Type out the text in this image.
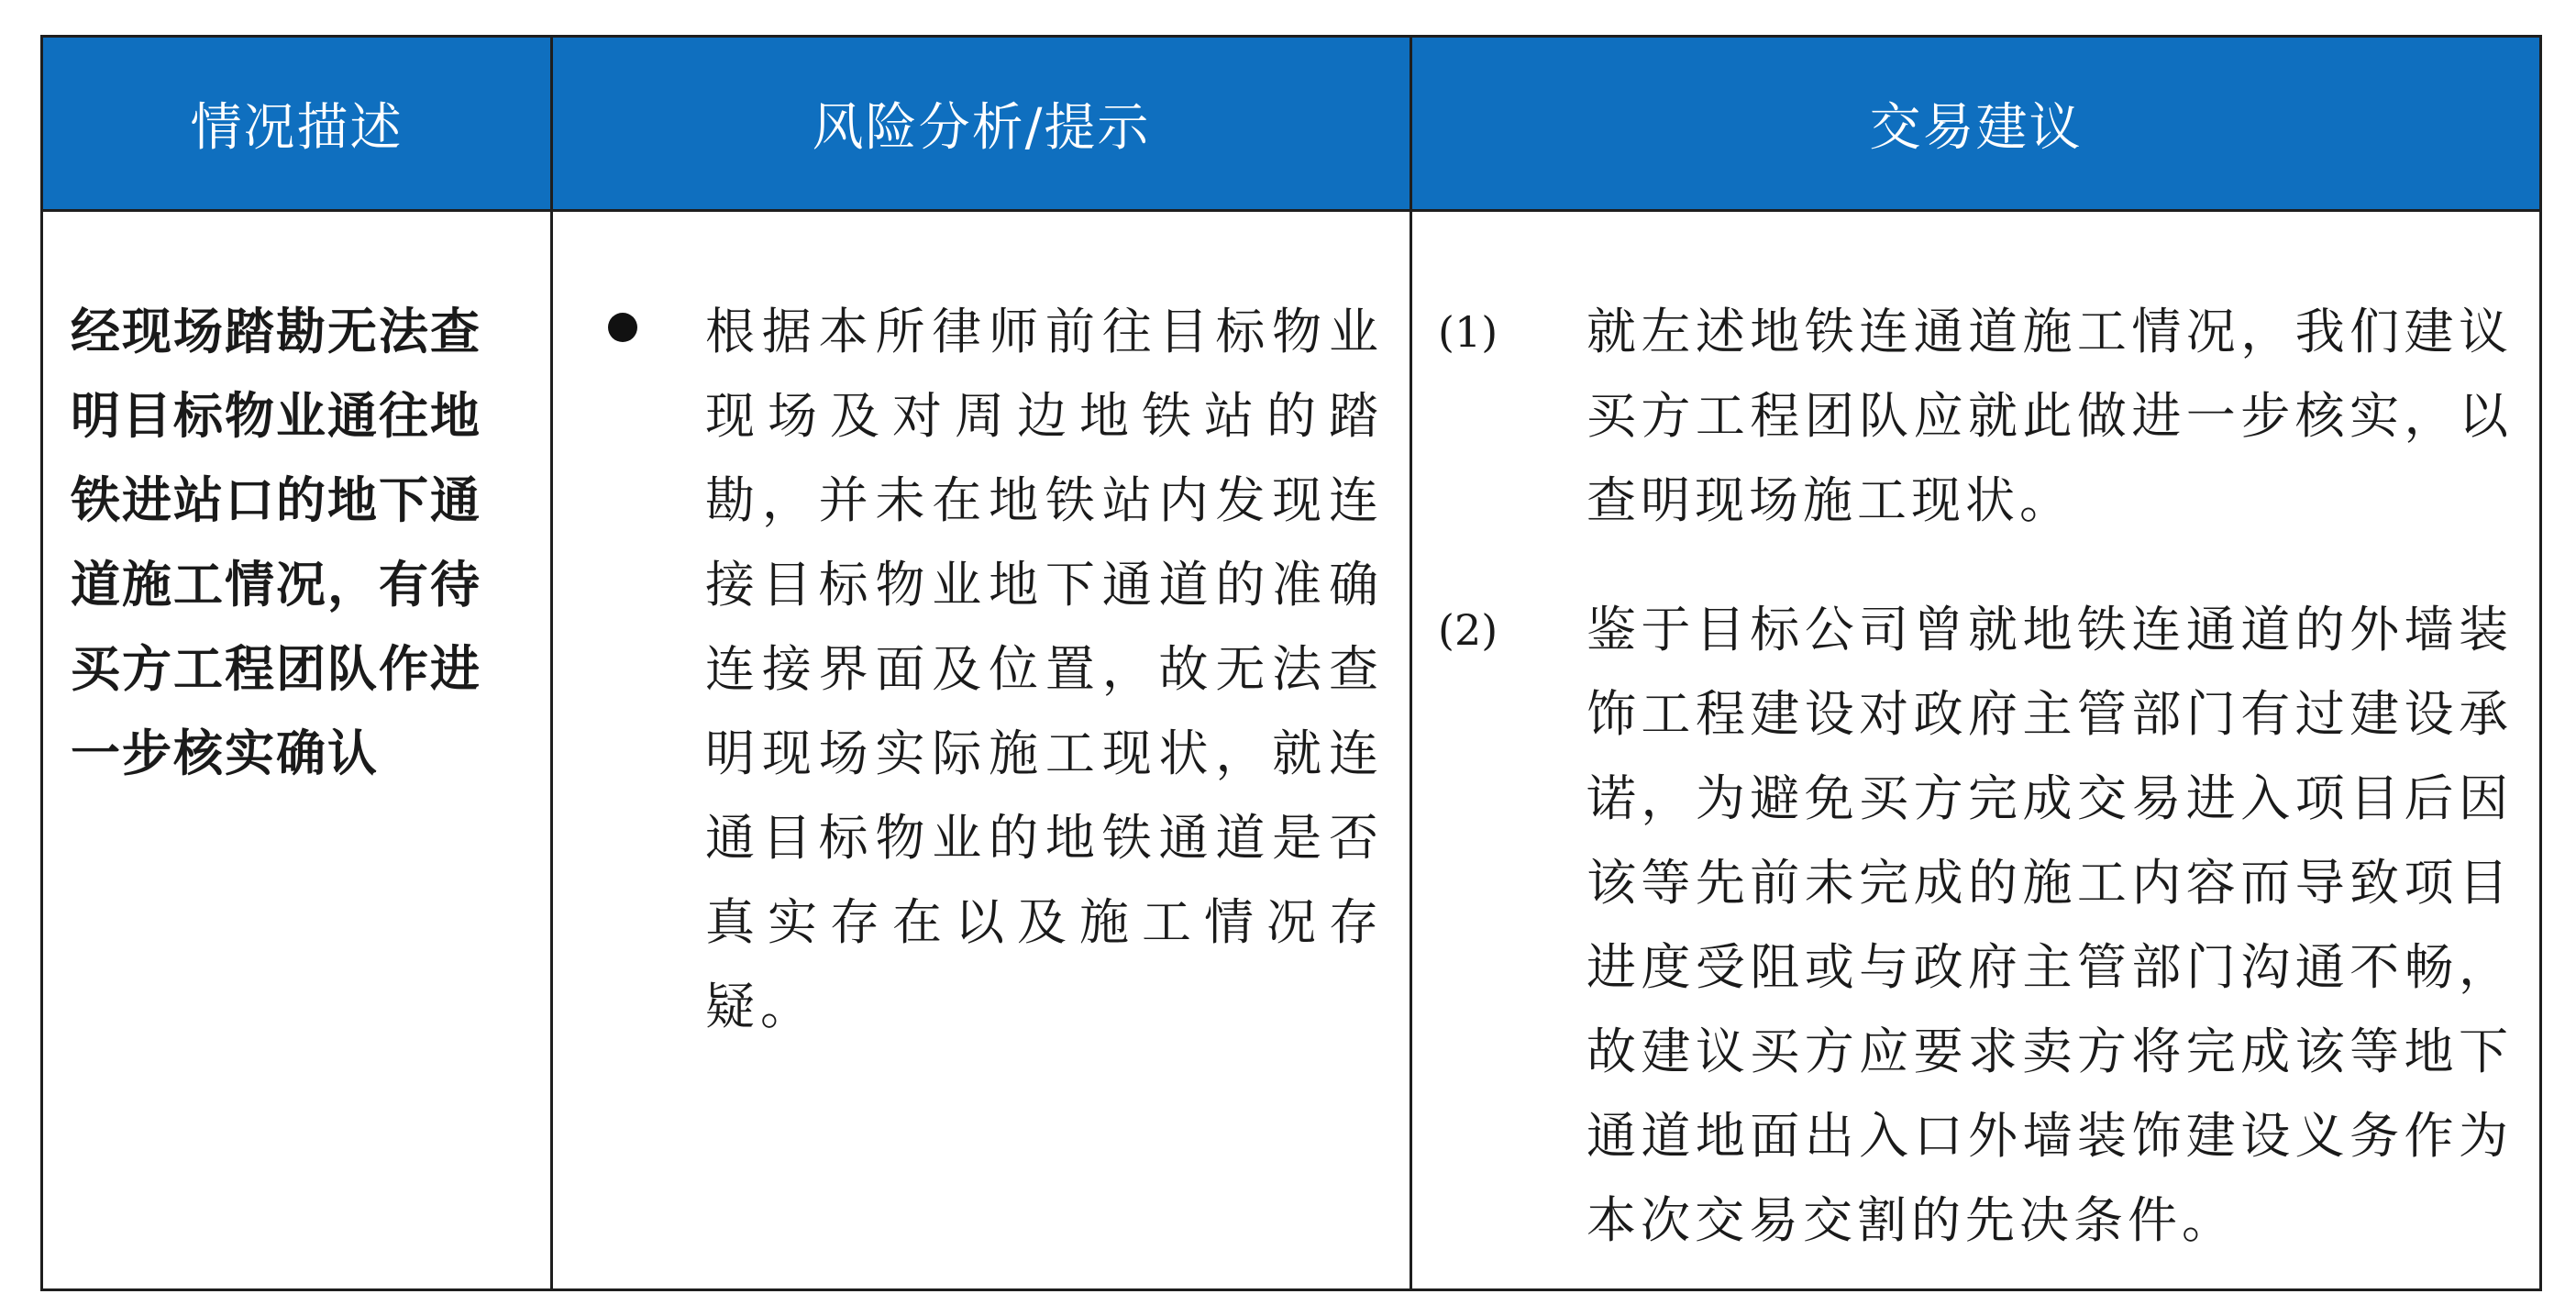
情况描述	风险分析/提示	交易建议
经现场踏勘无法查明目标物业通往地铁进站口的地下通道施工情况，有待买方工程团队作进一步核实确认
根据本所律师前往目标物业现场及对周边地铁站的踏勘，并未在地铁站内发现连接目标物业地下通道的准确连接界面及位置，故无法查明现场实际施工现状，就连通目标物业的地铁通道是否真实存在以及施工情况存疑。
(1) 就左述地铁连通道施工情况，我们建议买方工程团队应就此做进一步核实，以查明现场施工现状。
(2) 鉴于目标公司曾就地铁连通道的外墙装饰工程建设对政府主管部门有过建设承诺，为避免买方完成交易进入项目后因该等先前未完成的施工内容而导致项目进度受阻或与政府主管部门沟通不畅，故建议买方应要求卖方将完成该等地下通道地面出入口外墙装饰建设义务作为本次交易交割的先决条件。
